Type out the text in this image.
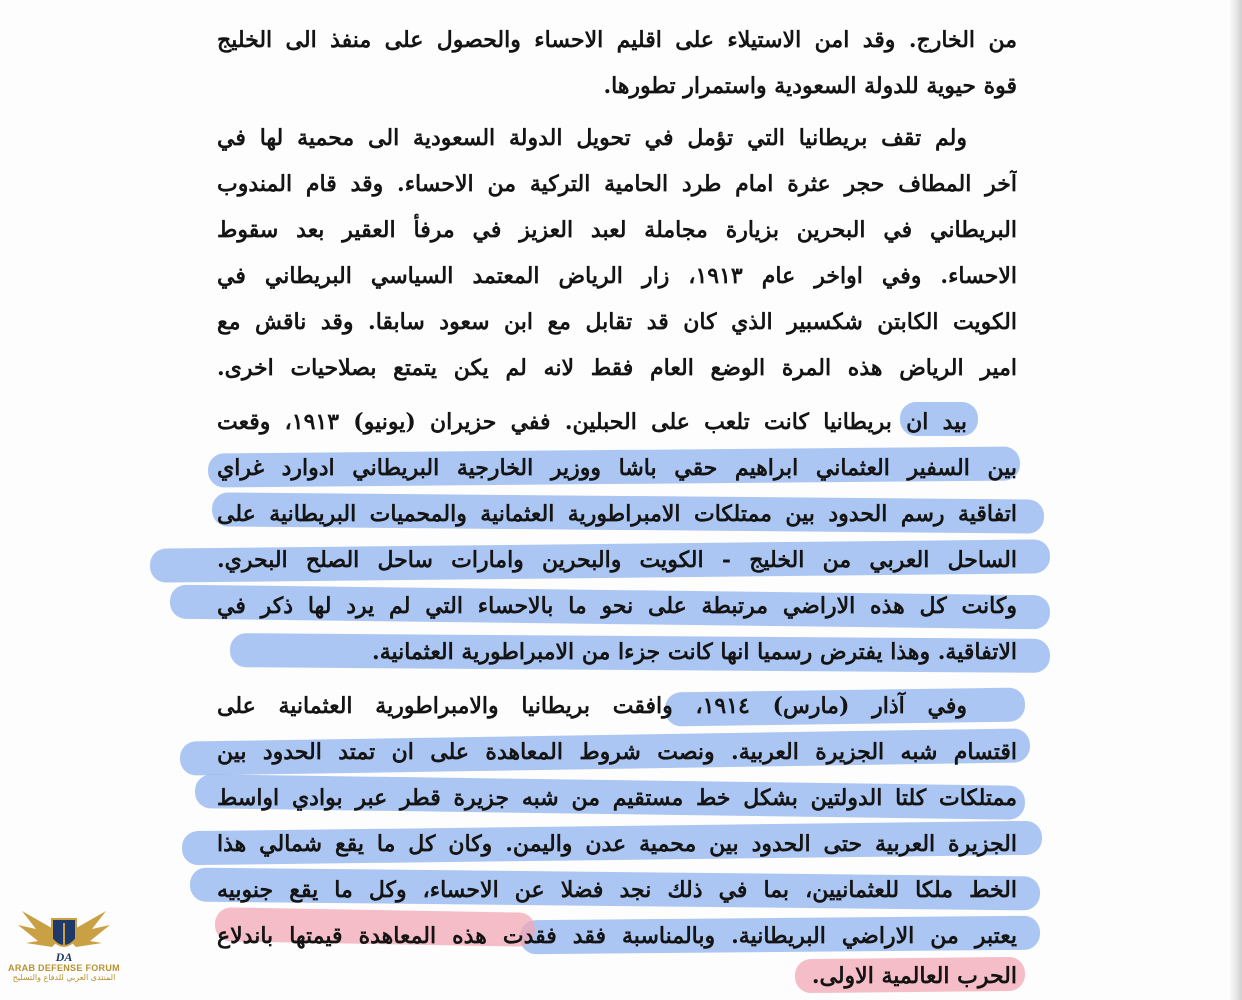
من الخارج. وقد امن الاستيلاء على اقليم الاحساء والحصول على منفذ الى الخليج
قوة حيوية للدولة السعودية واستمرار تطورها.
ولم تقف بريطانيا التي تؤمل في تحويل الدولة السعودية الى محمية لها في
آخر المطاف حجر عثرة امام طرد الحامية التركية من الاحساء. وقد قام المندوب
البريطاني في البحرين بزيارة مجاملة لعبد العزيز في مرفأ العقير بعد سقوط
الاحساء. وفي اواخر عام ١٩١٣، زار الرياض المعتمد السياسي البريطاني في
الكويت الكابتن شكسبير الذي كان قد تقابل مع ابن سعود سابقا. وقد ناقش مع
امير الرياض هذه المرة الوضع العام فقط لانه لم يكن يتمتع بصلاحيات اخرى.
بيد ان بريطانيا كانت تلعب على الحبلين. ففي حزيران (يونيو) ١٩١٣، وقعت
بين السفير العثماني ابراهيم حقي باشا ووزير الخارجية البريطاني ادوارد غراي
اتفاقية رسم الحدود بين ممتلكات الامبراطورية العثمانية والمحميات البريطانية على
الساحل العربي من الخليج - الكويت والبحرين وامارات ساحل الصلح البحري.
وكانت كل هذه الاراضي مرتبطة على نحو ما بالاحساء التي لم يرد لها ذكر في
الاتفاقية. وهذا يفترض رسميا انها كانت جزءا من الامبراطورية العثمانية.
وفي آذار (مارس) ١٩١٤، وافقت بريطانيا والامبراطورية العثمانية على
اقتسام شبه الجزيرة العربية. ونصت شروط المعاهدة على ان تمتد الحدود بين
ممتلكات كلتا الدولتين بشكل خط مستقيم من شبه جزيرة قطر عبر بوادي اواسط
الجزيرة العربية حتى الحدود بين محمية عدن واليمن. وكان كل ما يقع شمالي هذا
الخط ملكا للعثمانيين، بما في ذلك نجد فضلا عن الاحساء، وكل ما يقع جنوبيه
يعتبر من الاراضي البريطانية. وبالمناسبة فقد فقدت هذه المعاهدة قيمتها باندلاع
الحرب العالمية الاولى.
DA
ARAB DEFENSE FORUM
المنتدى العربي للدفاع والتسليح
